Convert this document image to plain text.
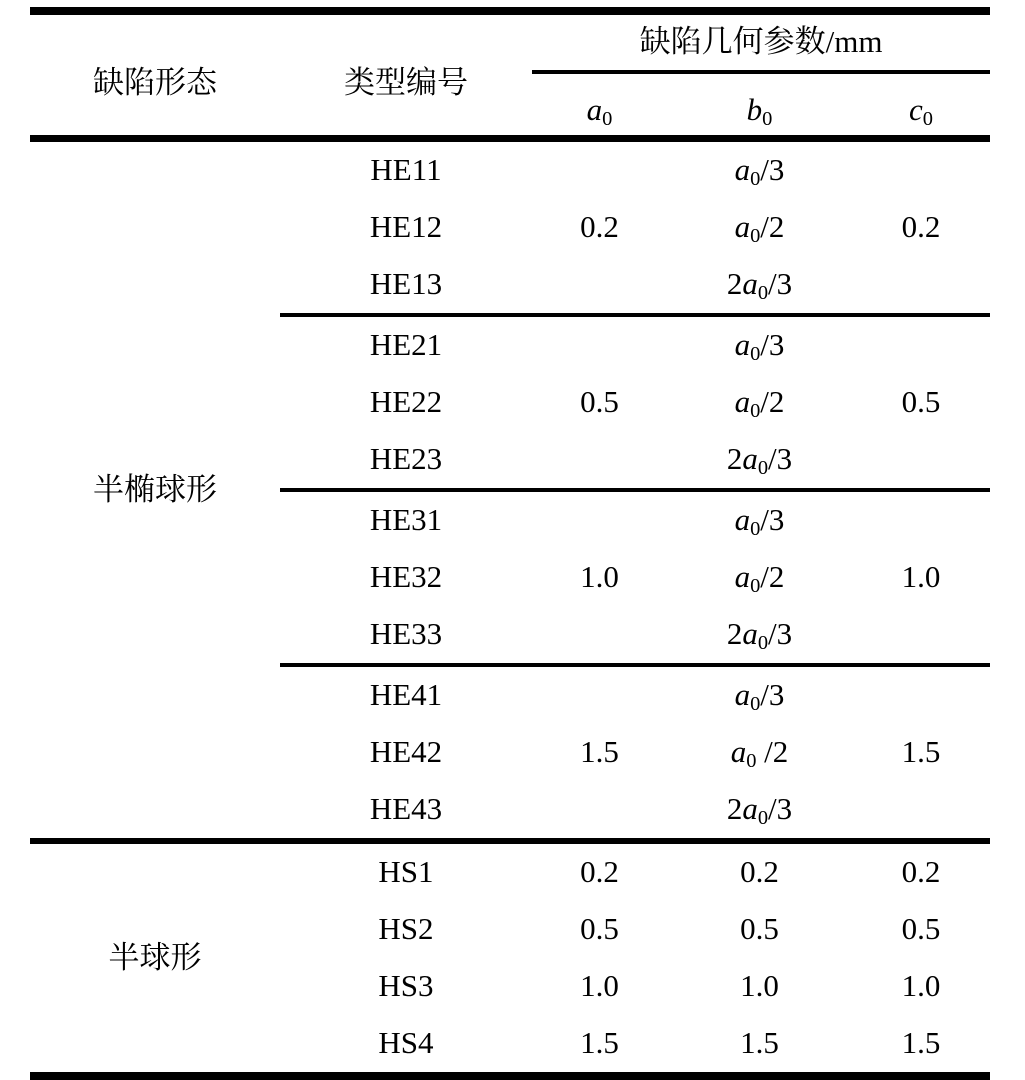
缺陷形态	类型编号	缺陷几何参数/mm		
		$a_0$	$b_0$	$c_0$
半椭球形	HE11		$a_0/3$	
	HE12	0.2	$a_0/2$	0.2
	HE13		$2a_0/3$	
	HE21		$a_0/3$	
	HE22	0.5	$a_0/2$	0.5
	HE23		$2a_0/3$	
	HE31		$a_0/3$	
	HE32	1.0	$a_0/2$	1.0
	HE33		$2a_0/3$	
	HE41		$a_0/3$	
	HE42	1.5	$a_0$ /2	1.5
	HE43		$2a_0/3$	
半球形	HS1	0.2	0.2	0.2
	HS2	0.5	0.5	0.5
	HS3	1.0	1.0	1.0
	HS4	1.5	1.5	1.5
